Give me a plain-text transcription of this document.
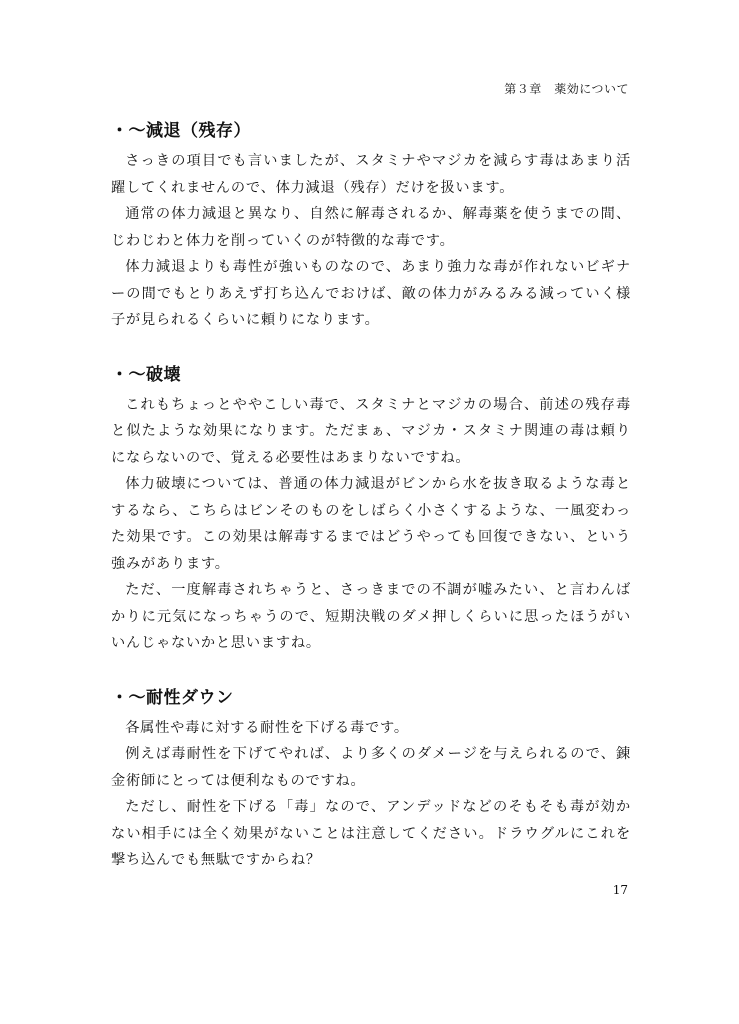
第３章　薬効について
・～減退（残存）

さっきの項目でも言いましたが、スタミナやマジカを減らす毒はあまり活躍してくれませんので、体力減退（残存）だけを扱います。

通常の体力減退と異なり、自然に解毒されるか、解毒薬を使うまでの間、じわじわと体力を削っていくのが特徴的な毒です。

体力減退よりも毒性が強いものなので、あまり強力な毒が作れないビギナーの間でもとりあえず打ち込んでおけば、敵の体力がみるみる減っていく様子が見られるくらいに頼りになります。

・～破壊

これもちょっとややこしい毒で、スタミナとマジカの場合、前述の残存毒と似たような効果になります。ただまぁ、マジカ・スタミナ関連の毒は頼りにならないので、覚える必要性はあまりないですね。

体力破壊については、普通の体力減退がビンから水を抜き取るような毒とするなら、こちらはビンそのものをしばらく小さくするような、一風変わった効果です。この効果は解毒するまではどうやっても回復できない、という強みがあります。

ただ、一度解毒されちゃうと、さっきまでの不調が嘘みたい、と言わんばかりに元気になっちゃうので、短期決戦のダメ押しくらいに思ったほうがいいんじゃないかと思いますね。

・～耐性ダウン

各属性や毒に対する耐性を下げる毒です。

例えば毒耐性を下げてやれば、より多くのダメージを与えられるので、錬金術師にとっては便利なものですね。

ただし、耐性を下げる「毒」なので、アンデッドなどのそもそも毒が効かない相手には全く効果がないことは注意してください。ドラウグルにこれを撃ち込んでも無駄ですからね？

17
